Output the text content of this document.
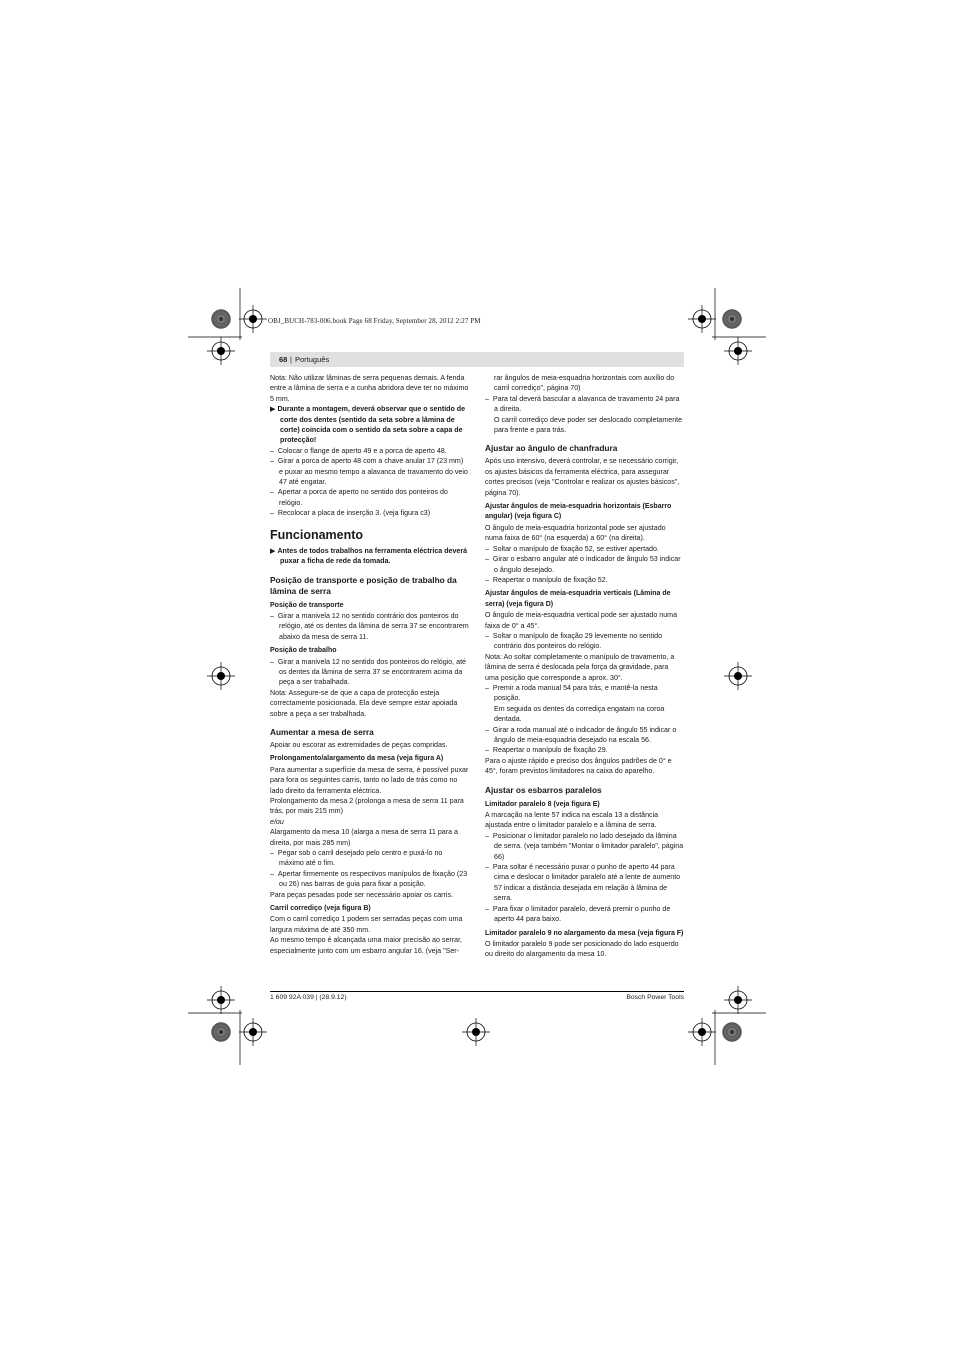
OBJ_BUCH-783-006.book Page 68 Friday, September 28, 2012 2:27 PM
68 | Português

Nota: Não utilizar lâminas de serra pequenas demais. A fenda entre a lâmina de serra e a cunha abridora deve ter no máximo 5 mm.

▶ Durante a montagem, deverá observar que o sentido de corte dos dentes (sentido da seta sobre a lâmina de corte) coincida com o sentido da seta sobre a capa de protecção!

–  Colocar o flange de aperto 49 e a porca de aperto 48.

–  Girar a porca de aperto 48 com a chave anular 17 (23 mm) e puxar ao mesmo tempo a alavanca de travamento do veio 47 até engatar.

–  Apertar a porca de aperto no sentido dos ponteiros do relógio.

–  Recolocar a placa de inserção 3. (veja figura c3)

Funcionamento

▶ Antes de todos trabalhos na ferramenta eléctrica deverá puxar a ficha de rede da tomada.

Posição de transporte e posição de trabalho da lâmina de serra

Posição de transporte

–  Girar a manivela 12 no sentido contrário dos ponteiros do relógio, até os dentes da lâmina de serra 37 se encontrarem abaixo da mesa de serra 11.

Posição de trabalho

–  Girar a manivela 12 no sentido dos ponteiros do relógio, até os dentes da lâmina de serra 37 se encontrarem acima da peça a ser trabalhada.

Nota: Assegure-se de que a capa de protecção esteja correctamente posicionada. Ela deve sempre estar apoiada sobre a peça a ser trabalhada.

Aumentar a mesa de serra

Apoiar ou escorar as extremidades de peças compridas.

Prolongamento/alargamento da mesa (veja figura A)

Para aumentar a superfície da mesa de serra, é possível puxar para fora os seguintes carris, tanto no lado de trás como no lado direito da ferramenta eléctrica.

Prolongamento da mesa 2 (prolonga a mesa de serra 11 para trás, por mais 215 mm)

e/ou

Alargamento da mesa 10 (alarga a mesa de serra 11 para a direita, por mais 285 mm)

–  Pegar sob o carril desejado pelo centro e puxá-lo no máximo até o fim.

–  Apertar firmemente os respectivos manípulos de fixação (23 ou 26) nas barras de guia para fixar a posição.

Para peças pesadas pode ser necessário apoiar os carris.

Carril corrediço (veja figura B)

Com o carril corrediço 1 podem ser serradas peças com uma largura máxima de até 350 mm.

Ao mesmo tempo é alcançada uma maior precisão ao serrar, especialmente junto com um esbarro angular 16. (veja "Ser-

rar ângulos de meia-esquadria horizontais com auxílio do carril corrediço", página 70)

–  Para tal deverá bascular a alavanca de travamento 24 para a direita.

O carril corrediço deve poder ser deslocado completamente para frente e para trás.

Ajustar ao ângulo de chanfradura

Após uso intensivo, deverá controlar, e se necessário corrigir, os ajustes básicos da ferramenta eléctrica, para assegurar cortes precisos (veja "Controlar e realizar os ajustes básicos", página 70).

Ajustar ângulos de meia-esquadria horizontais (Esbarro angular) (veja figura C)

O ângulo de meia-esquadria horizontal pode ser ajustado numa faixa de 60° (na esquerda) a 60° (na direita).

–  Soltar o manípulo de fixação 52, se estiver apertado.

–  Girar o esbarro angular até o indicador de ângulo 53 indicar o ângulo desejado.

–  Reapertar o manípulo de fixação 52.

Ajustar ângulos de meia-esquadria verticais (Lâmina de serra) (veja figura D)

O ângulo de meia-esquadria vertical pode ser ajustado numa faixa de 0° a 45°.

–  Soltar o manípulo de fixação 29 levemente no sentido contrário dos ponteiros do relógio.

Nota: Ao soltar completamente o manípulo de travamento, a lâmina de serra é deslocada pela força da gravidade, para uma posição que corresponde a aprox. 30°.

–  Premir a roda manual 54 para trás, e mantê-la nesta posição.

Em seguida os dentes da corrediça engatam na coroa dentada.

–  Girar a roda manual até o indicador de ângulo 55 indicar o ângulo de meia-esquadria desejado na escala 56.

–  Reapertar o manípulo de fixação 29.

Para o ajuste rápido e preciso dos ângulos padrões de 0° e 45°, foram previstos limitadores na caixa do aparelho.

Ajustar os esbarros paralelos

Limitador paralelo 8 (veja figura E)

A marcação na lente 57 indica na escala 13 a distância ajustada entre o limitador paralelo e a lâmina de serra.

–  Posicionar o limitador paralelo no lado desejado da lâmina de serra. (veja também "Montar o limitador paralelo", página 66)

–  Para soltar é necessário puxar o punho de aperto 44 para cima e deslocar o limitador paralelo até a lente de aumento 57 indicar a distância desejada em relação à lâmina de serra.

–  Para fixar o limitador paralelo, deverá premir o punho de aperto 44 para baixo.

Limitador paralelo 9 no alargamento da mesa (veja figura F)

O limitador paralelo 9 pode ser posicionado do lado esquerdo ou direito do alargamento da mesa 10.

1 609 92A 039 | (28.9.12)	Bosch Power Tools
